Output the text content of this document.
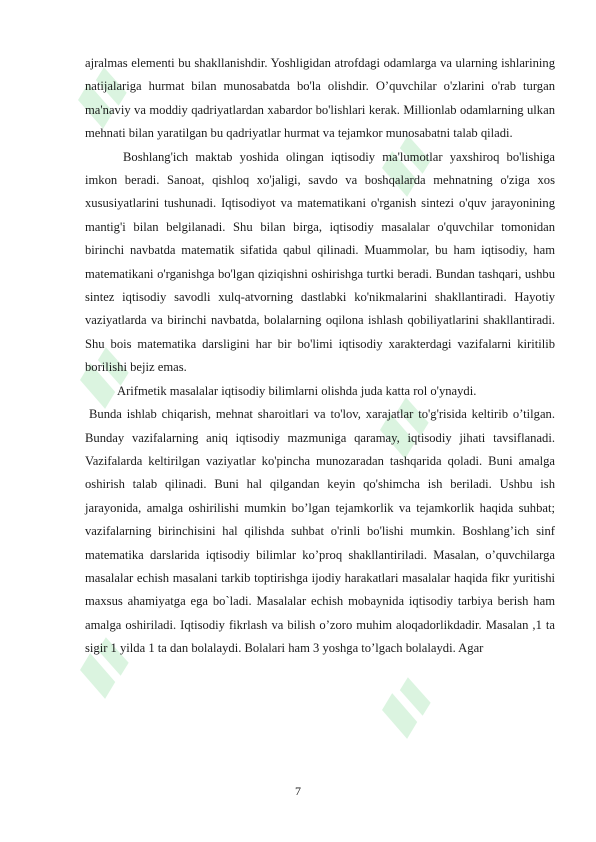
ajralmas elementi bu shakllanishdir. Yoshligidan atrofdagi odamlarga va ularning ishlarining natijalariga hurmat bilan munosabatda bo'la olishdir. O’quvchilar o'zlarini o'rab turgan ma'naviy va moddiy qadriyatlardan xabardor bo'lishlari kerak. Millionlab odamlarning ulkan mehnati bilan yaratilgan bu qadriyatlar hurmat va tejamkor munosabatni talab qiladi.

Boshlang'ich maktab yoshida olingan iqtisodiy ma'lumotlar yaxshiroq bo'lishiga imkon beradi. Sanoat, qishloq xo'jaligi, savdo va boshqalarda mehnatning o'ziga xos xususiyatlarini tushunadi. Iqtisodiyot va matematikani o'rganish sintezi o'quv jarayonining mantig'i bilan belgilanadi. Shu bilan birga, iqtisodiy masalalar o'quvchilar tomonidan birinchi navbatda matematik sifatida qabul qilinadi. Muammolar, bu ham iqtisodiy, ham matematikani o'rganishga bo'lgan qiziqishni oshirishga turtki beradi. Bundan tashqari, ushbu sintez iqtisodiy savodli xulq-atvorning dastlabki ko'nikmalarini shakllantiradi. Hayotiy vaziyatlarda va birinchi navbatda, bolalarning oqilona ishlash qobiliyatlarini shakllantiradi. Shu bois matematika darsligini har bir bo'limi iqtisodiy xarakterdagi vazifalarni kiritilib borilishi bejiz emas.

Arifmetik masalalar iqtisodiy bilimlarni olishda juda katta rol o'ynaydi.

Bunda ishlab chiqarish, mehnat sharoitlari va to'lov, xarajatlar to'g'risida keltirib o’tilgan. Bunday vazifalarning aniq iqtisodiy mazmuniga qaramay, iqtisodiy jihati tavsiflanadi. Vazifalarda keltirilgan vaziyatlar ko'pincha munozaradan tashqarida qoladi. Buni amalga oshirish talab qilinadi. Buni hal qilgandan keyin qo'shimcha ish beriladi. Ushbu ish jarayonida, amalga oshirilishi mumkin bo’lgan tejamkorlik va tejamkorlik haqida suhbat; vazifalarning birinchisini hal qilishda suhbat o'rinli bo'lishi mumkin. Boshlang’ich sinf matematika darslarida iqtisodiy bilimlar ko’proq shakllantiriladi. Masalan, o’quvchilarga masalalar echish masalani tarkib toptirishga ijodiy harakatlari masalalar haqida fikr yuritishi maxsus ahamiyatga ega bo`ladi. Masalalar echish mobaynida iqtisodiy tarbiya berish ham amalga oshiriladi. Iqtisodiy fikrlash va bilish o’zoro muhim aloqadorlikdadir. Masalan ,1 ta sigir 1 yilda 1 ta dan bolalaydi. Bolalari ham 3 yoshga to’lgach bolalaydi. Agar

7
